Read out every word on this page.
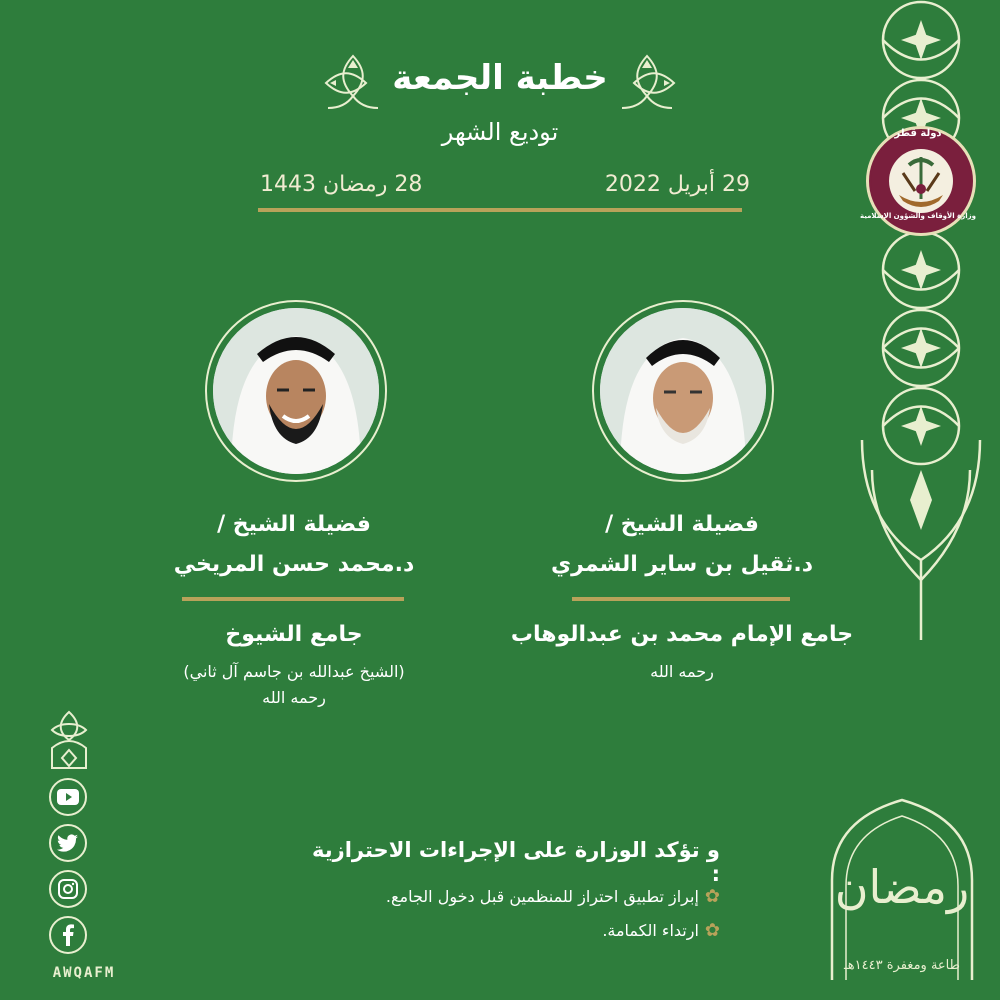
خطبة الجمعة
توديع الشهر
29 أبريل 2022
28 رمضان 1443
دولة قطر
وزارة الأوقاف والشؤون الإسلامية
فضيلة الشيخ /
د.ثقيل بن ساير الشمري
جامع الإمام محمد بن عبدالوهاب
رحمه الله
فضيلة الشيخ /
د.محمد حسن المريخي
جامع الشيوخ
(الشيخ عبدالله بن جاسم آل ثاني)
رحمه الله
AWQAFM
و تؤكد الوزارة على الإجراءات الاحترازية :
إبراز تطبيق احتراز للمنظمين قبل دخول الجامع. ✿
ارتداء الكمامة. ✿
رمضان
طاعة ومغفرة ١٤٤٣هـ
